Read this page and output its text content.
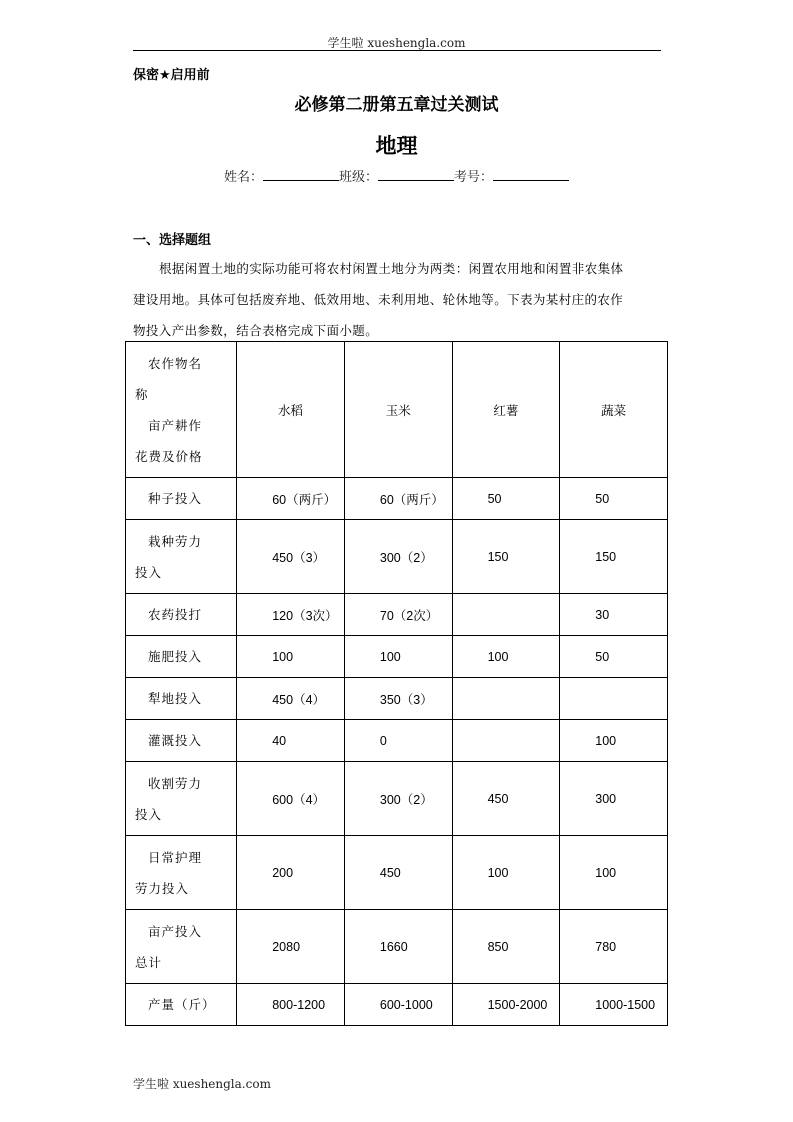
学生啦 xueshengla.com
保密★启用前
必修第二册第五章过关测试
地理
姓名：	班级：	考号：
一、选择题组

根据闲置土地的实际功能可将农村闲置土地分为两类：闲置农用地和闲置非农集体

建设用地。具体可包括废弃地、低效用地、未利用地、轮休地等。下表为某村庄的农作

物投入产出参数，结合表格完成下面小题。

农作物名
称
亩产耕作
花费及价格	水稻	玉米	红薯	蔬菜

种子投入	60（两斤）	60（两斤）	50	50

栽种劳力
投入	450（3）	300（2）	150	150

农药投打	120（3次）	70（2次）		30

施肥投入	100	100	100	50

犁地投入	450（4）	350（3）		

灌溉投入	40	0		100

收割劳力
投入	600（4）	300（2）	450	300

日常护理
劳力投入	200	450	100	100

亩产投入
总计	2080	1660	850	780

产量（斤）	800-1200	600-1000	1500-2000	1000-1500
学生啦 xueshengla.com
